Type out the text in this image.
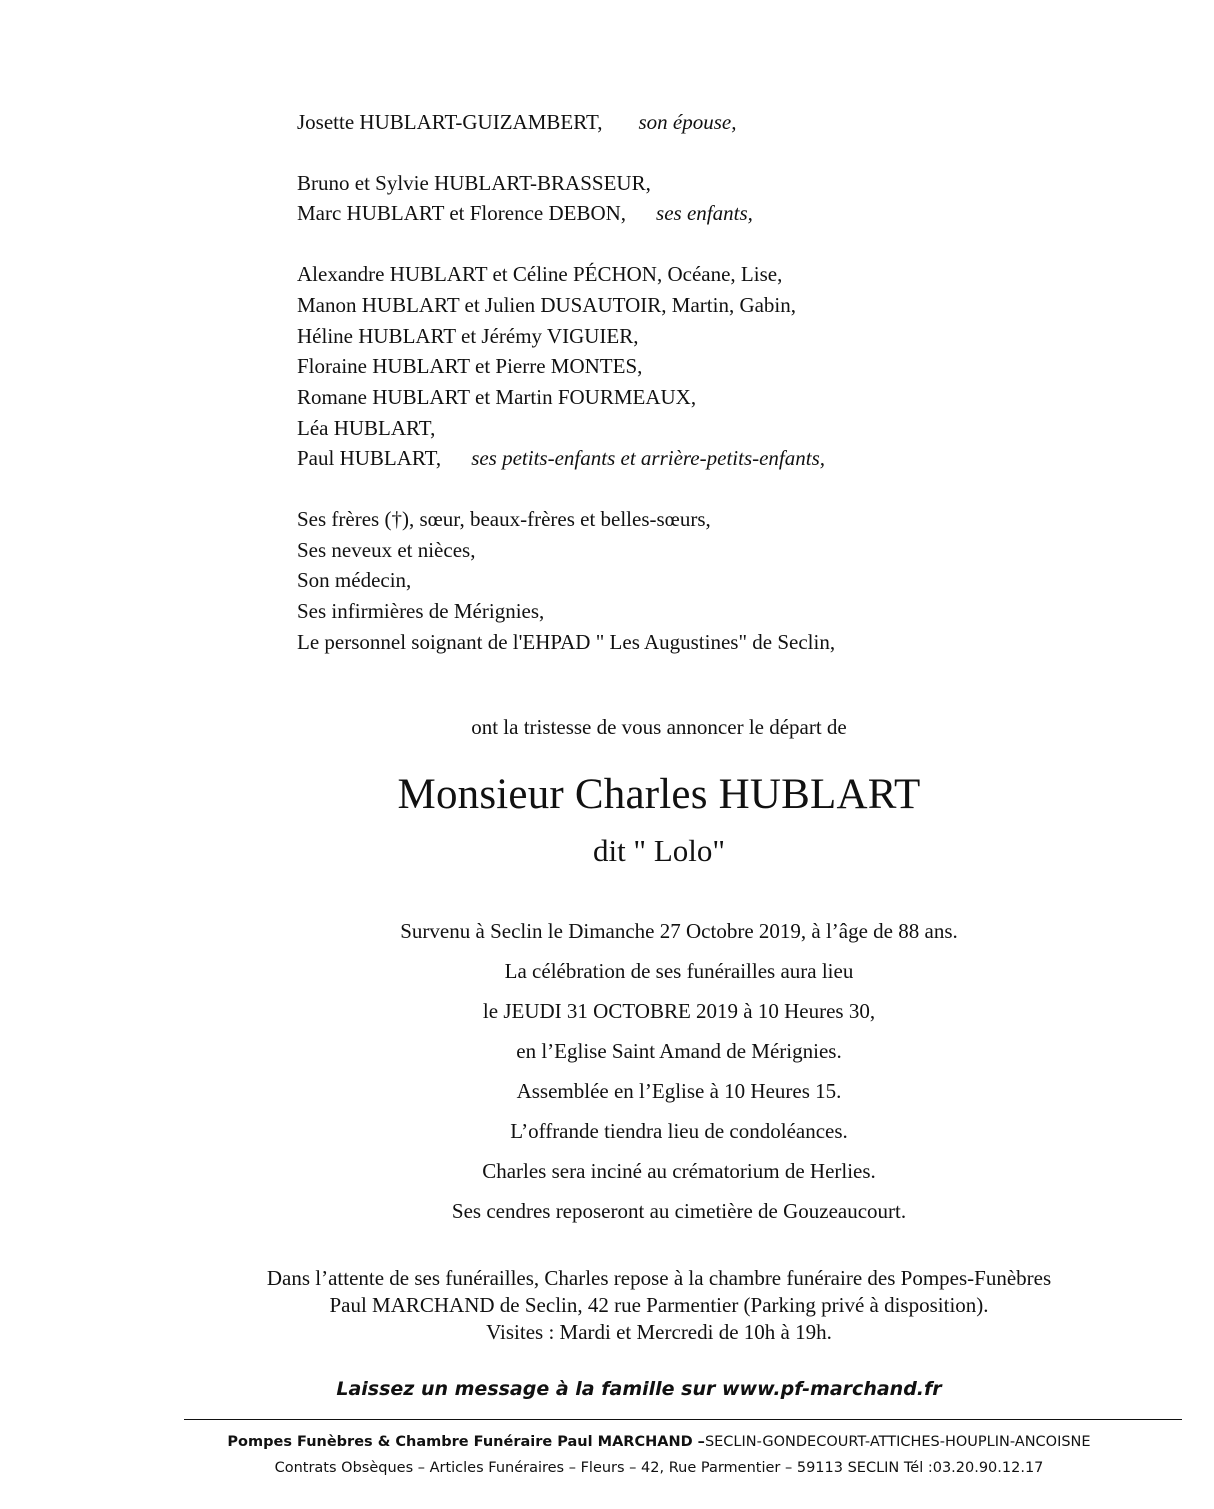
Josette HUBLART-GUIZAMBERT, son épouse,
Bruno et Sylvie HUBLART-BRASSEUR,
Marc HUBLART et Florence DEBON, ses enfants,
Alexandre HUBLART et Céline PÉCHON, Océane, Lise,
Manon HUBLART et Julien DUSAUTOIR, Martin, Gabin,
Héline HUBLART et Jérémy VIGUIER,
Floraine HUBLART et Pierre MONTES,
Romane HUBLART et Martin FOURMEAUX,
Léa HUBLART,
Paul HUBLART, ses petits-enfants et arrière-petits-enfants,
Ses frères (†), sœur, beaux-frères et belles-sœurs,
Ses neveux et nièces,
Son médecin,
Ses infirmières de Mérignies,
Le personnel soignant de l'EHPAD " Les Augustines" de Seclin,
ont la tristesse de vous annoncer le départ de
Monsieur Charles HUBLART
dit " Lolo"
Survenu à Seclin le Dimanche 27 Octobre 2019, à l’âge de 88 ans.
La célébration de ses funérailles aura lieu
le JEUDI 31 OCTOBRE 2019 à 10 Heures 30,
en l’Eglise Saint Amand de Mérignies.
Assemblée en l’Eglise à 10 Heures 15.
L’offrande tiendra lieu de condoléances.
Charles sera inciné au crématorium de Herlies.
Ses cendres reposeront au cimetière de Gouzeaucourt.
Dans l’attente de ses funérailles, Charles repose à la chambre funéraire des Pompes-Funèbres
Paul MARCHAND de Seclin, 42 rue Parmentier (Parking privé à disposition).
Visites : Mardi et Mercredi de 10h à 19h.
Laissez un message à la famille sur www.pf-marchand.fr
Pompes Funèbres & Chambre Funéraire Paul MARCHAND –SECLIN-GONDECOURT-ATTICHES-HOUPLIN-ANCOISNE
Contrats Obsèques – Articles Funéraires – Fleurs – 42, Rue Parmentier – 59113 SECLIN Tél :03.20.90.12.17
